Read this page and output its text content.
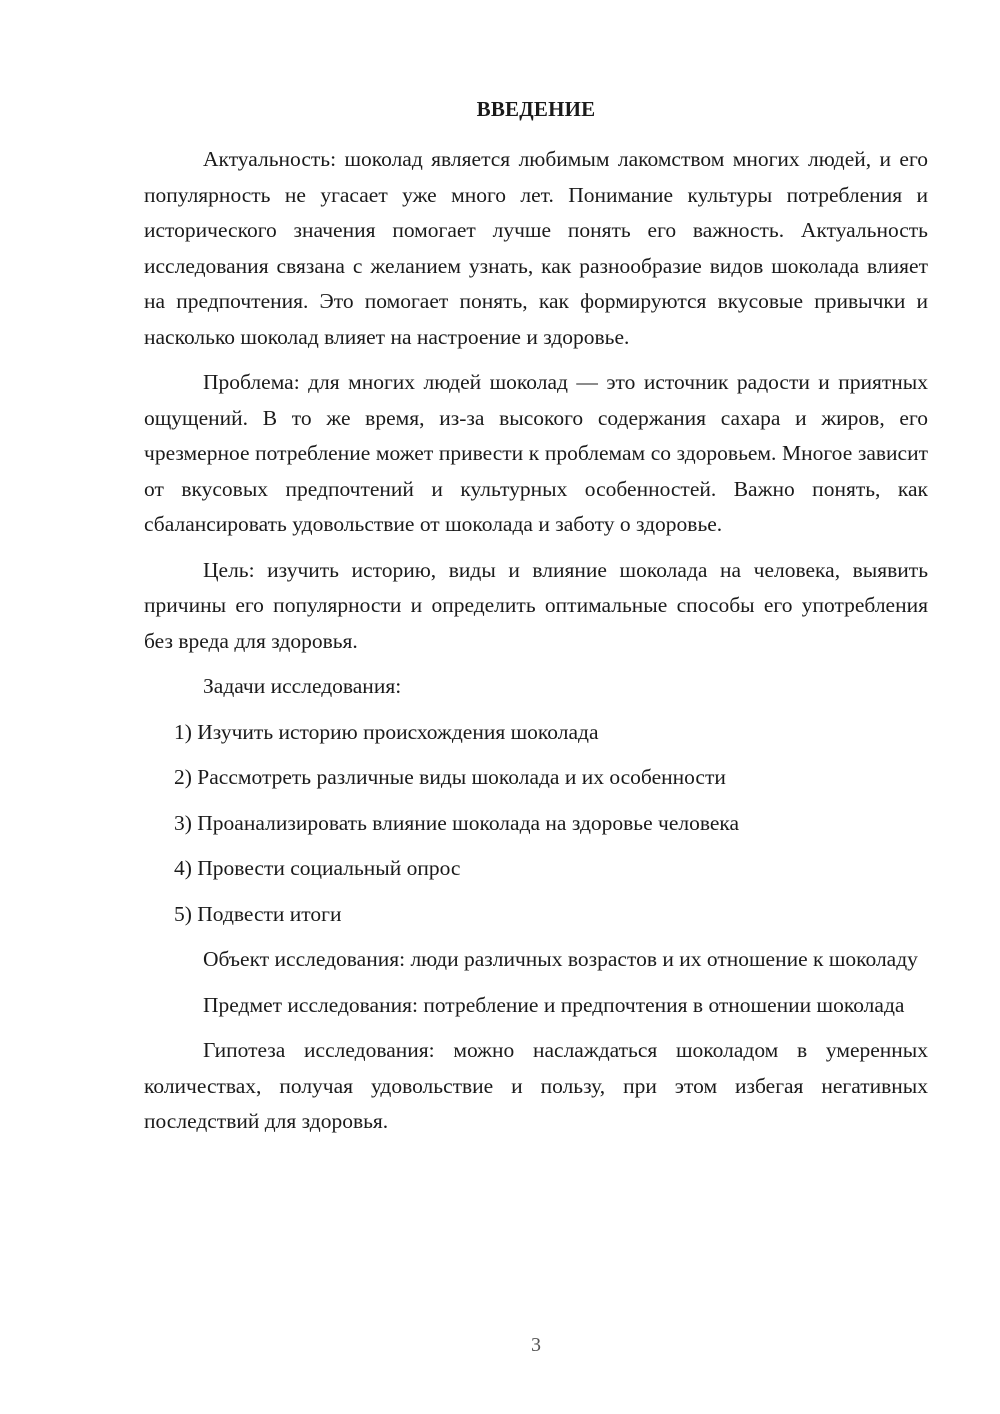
ВВЕДЕНИЕ

Актуальность: шоколад является любимым лакомством многих людей, и его популярность не угасает уже много лет. Понимание культуры потребления и исторического значения помогает лучше понять его важность. Актуальность исследования связана с желанием узнать, как разнообразие видов шоколада влияет на предпочтения. Это помогает понять, как формируются вкусовые привычки и насколько шоколад влияет на настроение и здоровье.

Проблема: для многих людей шоколад — это источник радости и приятных ощущений. В то же время, из-за высокого содержания сахара и жиров, его чрезмерное потребление может привести к проблемам со здоровьем. Многое зависит от вкусовых предпочтений и культурных особенностей. Важно понять, как сбалансировать удовольствие от шоколада и заботу о здоровье.

Цель: изучить историю, виды и влияние шоколада на человека, выявить причины его популярности и определить оптимальные способы его употребления без вреда для здоровья.

Задачи исследования:

1) Изучить историю происхождения шоколада
2) Рассмотреть различные виды шоколада и их особенности
3) Проанализировать влияние шоколада на здоровье человека
4) Провести социальный опрос
5) Подвести итоги

Объект исследования: люди различных возрастов и их отношение к шоколаду

Предмет исследования: потребление и предпочтения в отношении шоколада

Гипотеза исследования: можно наслаждаться шоколадом в умеренных количествах, получая удовольствие и пользу, при этом избегая негативных последствий для здоровья.

3
